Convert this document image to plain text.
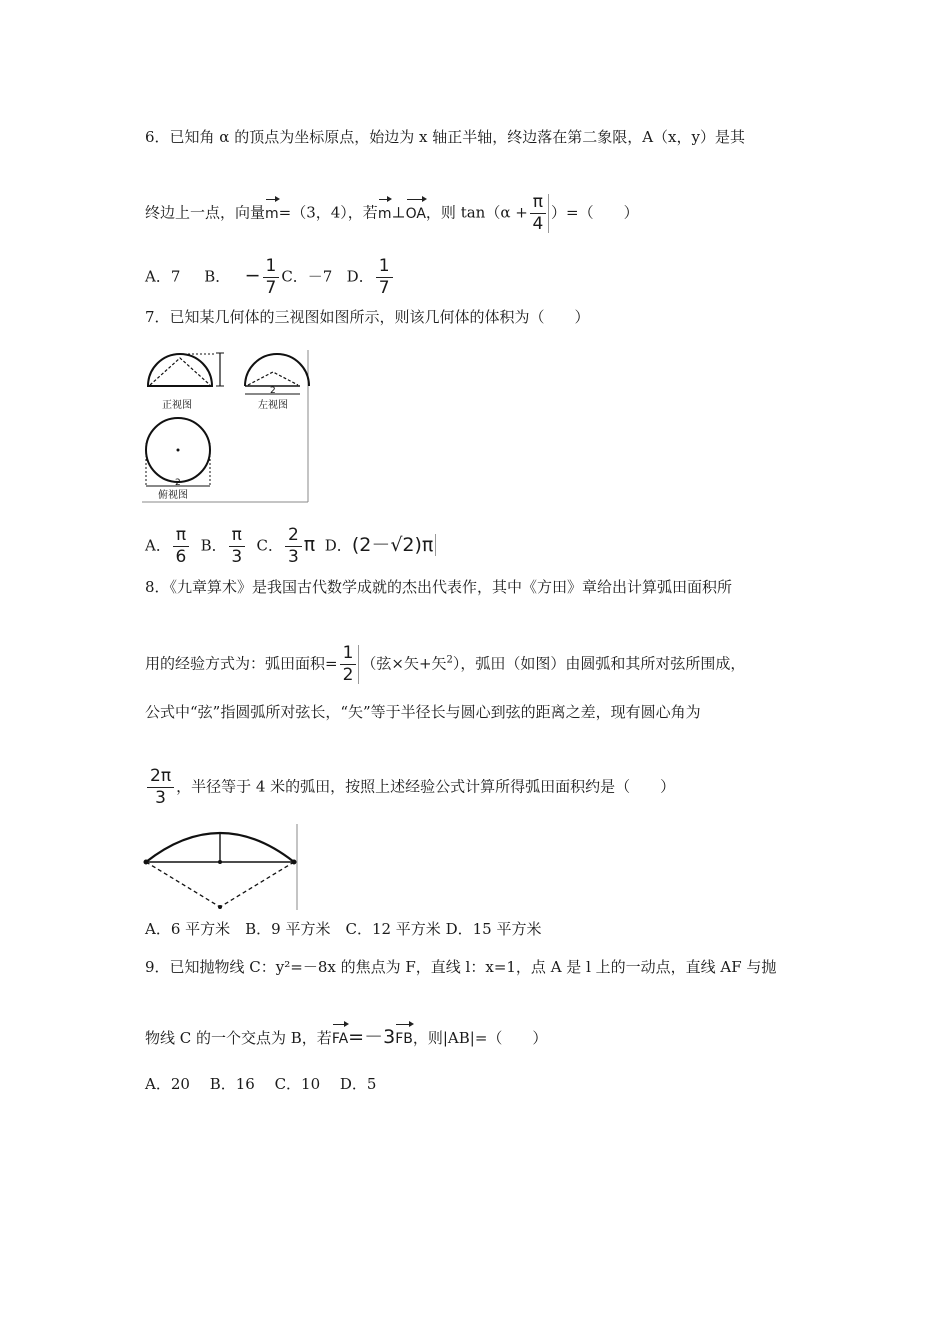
6．已知角 α 的顶点为坐标原点，始边为 x 轴正半轴，终边落在第二象限，A（x，y）是其
终边上一点，向量m=（3，4），若m⊥OA，则 $\tan(\alpha + \frac{\pi}{4}$ ）=（　　）
A．7 B． − $\frac{1}{7}$ C．－7 D． $\frac{1}{7}$
7．已知某几何体的三视图如图所示，则该几何体的体积为（　　）
正视图
2
左视图
2
俯视图
A． $\frac{\pi}{6}$ B． $\frac{\pi}{3}$ C． $\frac{2}{3}$ π D．(2－√2)π
8．《九章算术》是我国古代数学成就的杰出代表作，其中《方田》章给出计算弧田面积所
用的经验方式为：弧田面积= $\frac{1}{2}$ （弦×矢+矢$^2$），弧田（如图）由圆弧和其所对弦所围成，
公式中“弦”指圆弧所对弦长，“矢”等于半径长与圆心到弦的距离之差，现有圆心角为
$\frac{2\pi}{3}$ ，半径等于 4 米的弧田，按照上述经验公式计算所得弧田面积约是（　　）
A．6 平方米　B．9 平方米　C．12 平方米 D．15 平方米
9．已知抛物线 C：y²=－8x 的焦点为 F，直线 l：x=1，点 A 是 l 上的一动点，直线 AF 与抛
物线 C 的一个交点为 B，若FA=－3FB，则|AB|=（　　）
A．20　 B．16　 C．10　 D．5
